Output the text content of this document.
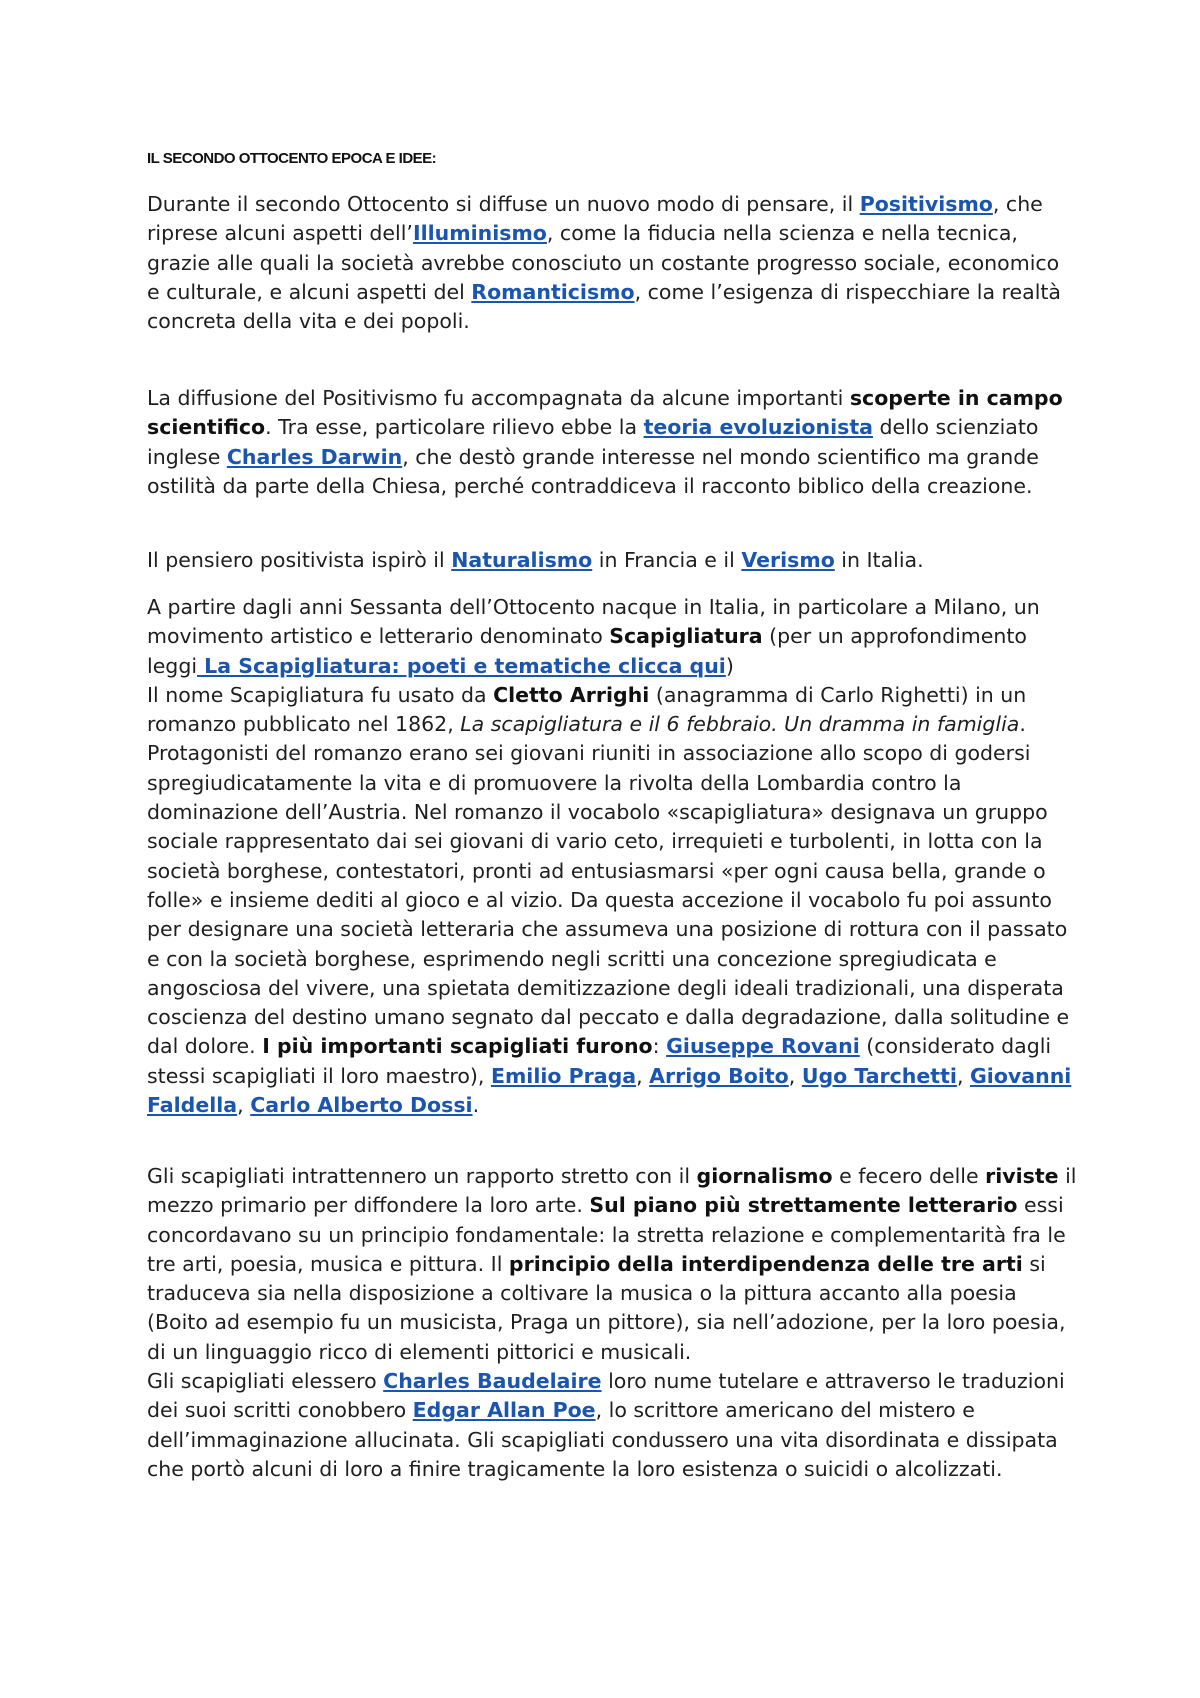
IL SECONDO OTTOCENTO EPOCA E IDEE:

Durante il secondo Ottocento si diffuse un nuovo modo di pensare, il Positivismo, che riprese alcuni aspetti dell’Illuminismo, come la fiducia nella scienza e nella tecnica, grazie alle quali la società avrebbe conosciuto un costante progresso sociale, economico e culturale, e alcuni aspetti del Romanticismo, come l’esigenza di rispecchiare la realtà concreta della vita e dei popoli.

La diffusione del Positivismo fu accompagnata da alcune importanti scoperte in campo scientifico. Tra esse, particolare rilievo ebbe la teoria evoluzionista dello scienziato inglese Charles Darwin, che destò grande interesse nel mondo scientifico ma grande ostilità da parte della Chiesa, perché contraddiceva il racconto biblico della creazione.

Il pensiero positivista ispirò il Naturalismo in Francia e il Verismo in Italia.

A partire dagli anni Sessanta dell’Ottocento nacque in Italia, in particolare a Milano, un movimento artistico e letterario denominato Scapigliatura (per un approfondimento leggi La Scapigliatura: poeti e tematiche clicca qui)

Il nome Scapigliatura fu usato da Cletto Arrighi (anagramma di Carlo Righetti) in un romanzo pubblicato nel 1862, La scapigliatura e il 6 febbraio. Un dramma in famiglia. Protagonisti del romanzo erano sei giovani riuniti in associazione allo scopo di godersi spregiudicatamente la vita e di promuovere la rivolta della Lombardia contro la dominazione dell’Austria. Nel romanzo il vocabolo «scapigliatura» designava un gruppo sociale rappresentato dai sei giovani di vario ceto, irrequieti e turbolenti, in lotta con la società borghese, contestatori, pronti ad entusiasmarsi «per ogni causa bella, grande o folle» e insieme dediti al gioco e al vizio. Da questa accezione il vocabolo fu poi assunto per designare una società letteraria che assumeva una posizione di rottura con il passato e con la società borghese, esprimendo negli scritti una concezione spregiudicata e angosciosa del vivere, una spietata demitizzazione degli ideali tradizionali, una disperata coscienza del destino umano segnato dal peccato e dalla degradazione, dalla solitudine e dal dolore. I più importanti scapigliati furono: Giuseppe Rovani (considerato dagli stessi scapigliati il loro maestro), Emilio Praga, Arrigo Boito, Ugo Tarchetti, Giovanni Faldella, Carlo Alberto Dossi.

Gli scapigliati intrattennero un rapporto stretto con il giornalismo e fecero delle riviste il mezzo primario per diffondere la loro arte. Sul piano più strettamente letterario essi concordavano su un principio fondamentale: la stretta relazione e complementarità fra le tre arti, poesia, musica e pittura. Il principio della interdipendenza delle tre arti si traduceva sia nella disposizione a coltivare la musica o la pittura accanto alla poesia (Boito ad esempio fu un musicista, Praga un pittore), sia nell’adozione, per la loro poesia, di un linguaggio ricco di elementi pittorici e musicali.

Gli scapigliati elessero Charles Baudelaire loro nume tutelare e attraverso le traduzioni dei suoi scritti conobbero Edgar Allan Poe, lo scrittore americano del mistero e dell’immaginazione allucinata. Gli scapigliati condussero una vita disordinata e dissipata che portò alcuni di loro a finire tragicamente la loro esistenza o suicidi o alcolizzati.
